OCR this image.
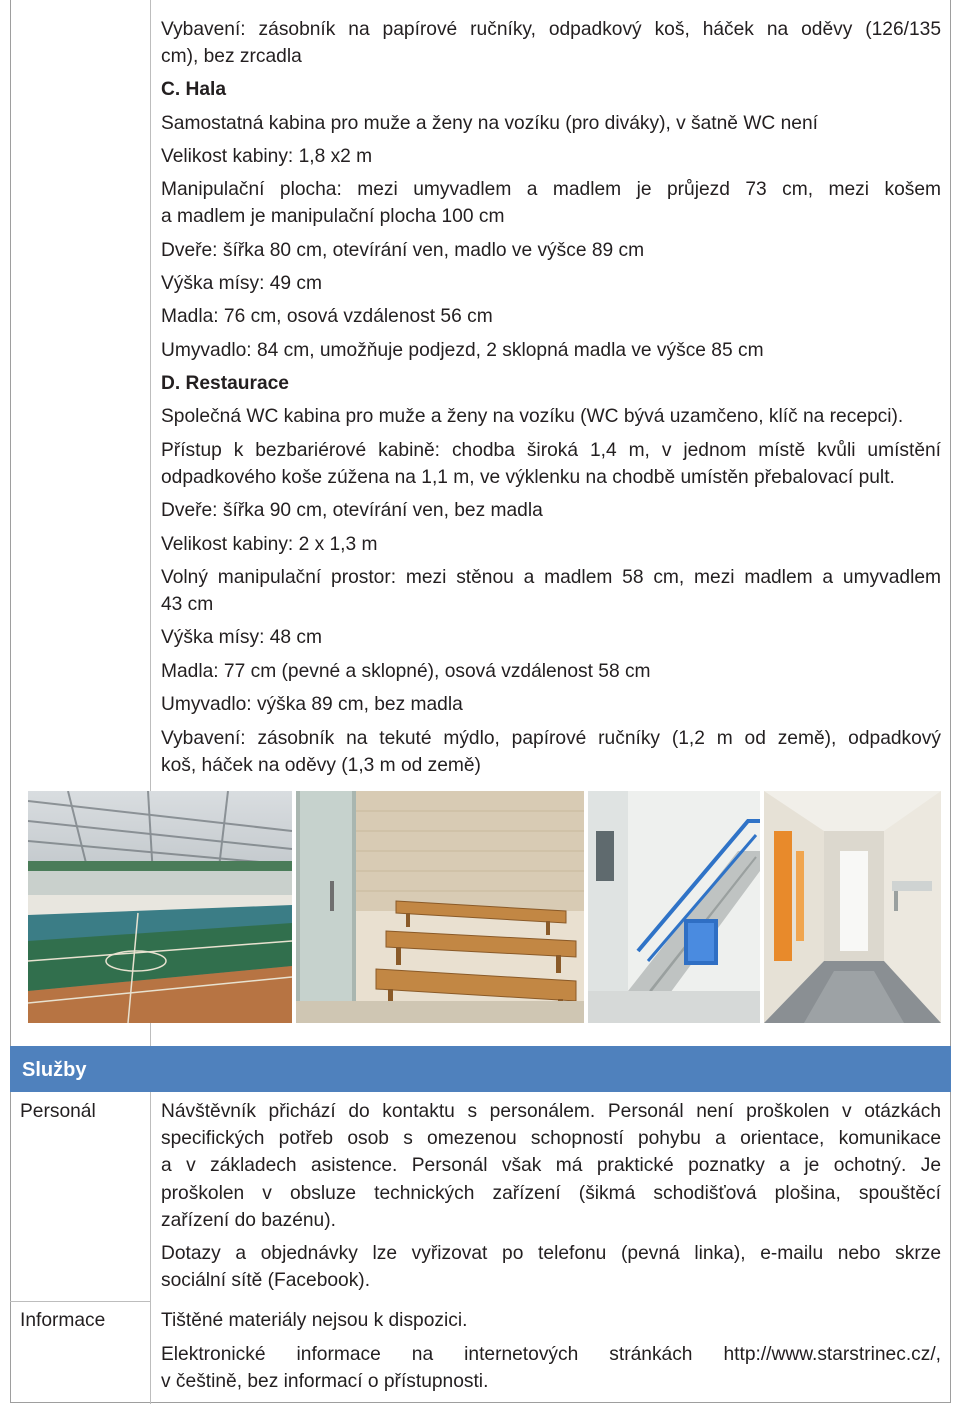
Vybavení: zásobník na papírové ručníky, odpadkový koš, háček na oděvy (126/135
cm), bez zrcadla
C. Hala
Samostatná kabina pro muže a ženy na vozíku (pro diváky), v šatně WC není
Velikost kabiny: 1,8 x2 m
Manipulační plocha: mezi umyvadlem a madlem je průjezd 73 cm, mezi košem
a madlem je manipulační plocha 100 cm
Dveře: šířka 80 cm, otevírání ven, madlo ve výšce 89 cm
Výška mísy: 49 cm
Madla: 76 cm, osová vzdálenost 56 cm
Umyvadlo: 84 cm, umožňuje podjezd, 2 sklopná madla ve výšce 85 cm
D. Restaurace
Společná WC kabina pro muže a ženy na vozíku (WC bývá uzamčeno, klíč na recepci).
Přístup k bezbariérové kabině: chodba široká 1,4 m, v jednom místě kvůli umístění
odpadkového koše zúžena na 1,1 m, ve výklenku na chodbě umístěn přebalovací pult.
Dveře: šířka 90 cm, otevírání ven, bez madla
Velikost kabiny: 2 x 1,3 m
Volný manipulační prostor: mezi stěnou a madlem 58 cm, mezi madlem a umyvadlem
43 cm
Výška mísy: 48 cm
Madla: 77 cm (pevné a sklopné), osová vzdálenost 58 cm
Umyvadlo: výška 89 cm, bez madla
Vybavení: zásobník na tekuté mýdlo, papírové ručníky (1,2 m od země), odpadkový
koš, háček na oděvy (1,3 m od země)
Služby
Personál	Návštěvník přichází do kontaktu s personálem. Personál není proškolen v otázkách
specifických potřeb osob s omezenou schopností pohybu a orientace, komunikace
a v základech asistence. Personál však má praktické poznatky a je ochotný. Je
proškolen v obsluze technických zařízení (šikmá schodišťová plošina, spouštěcí
zařízení do bazénu).
Dotazy a objednávky lze vyřizovat po telefonu (pevná linka), e-mailu nebo skrze
sociální sítě (Facebook).
Informace	Tištěné materiály nejsou k dispozici.
Elektronické informace na internetových stránkách http://www.starstrinec.cz/,
v češtině, bez informací o přístupnosti.
